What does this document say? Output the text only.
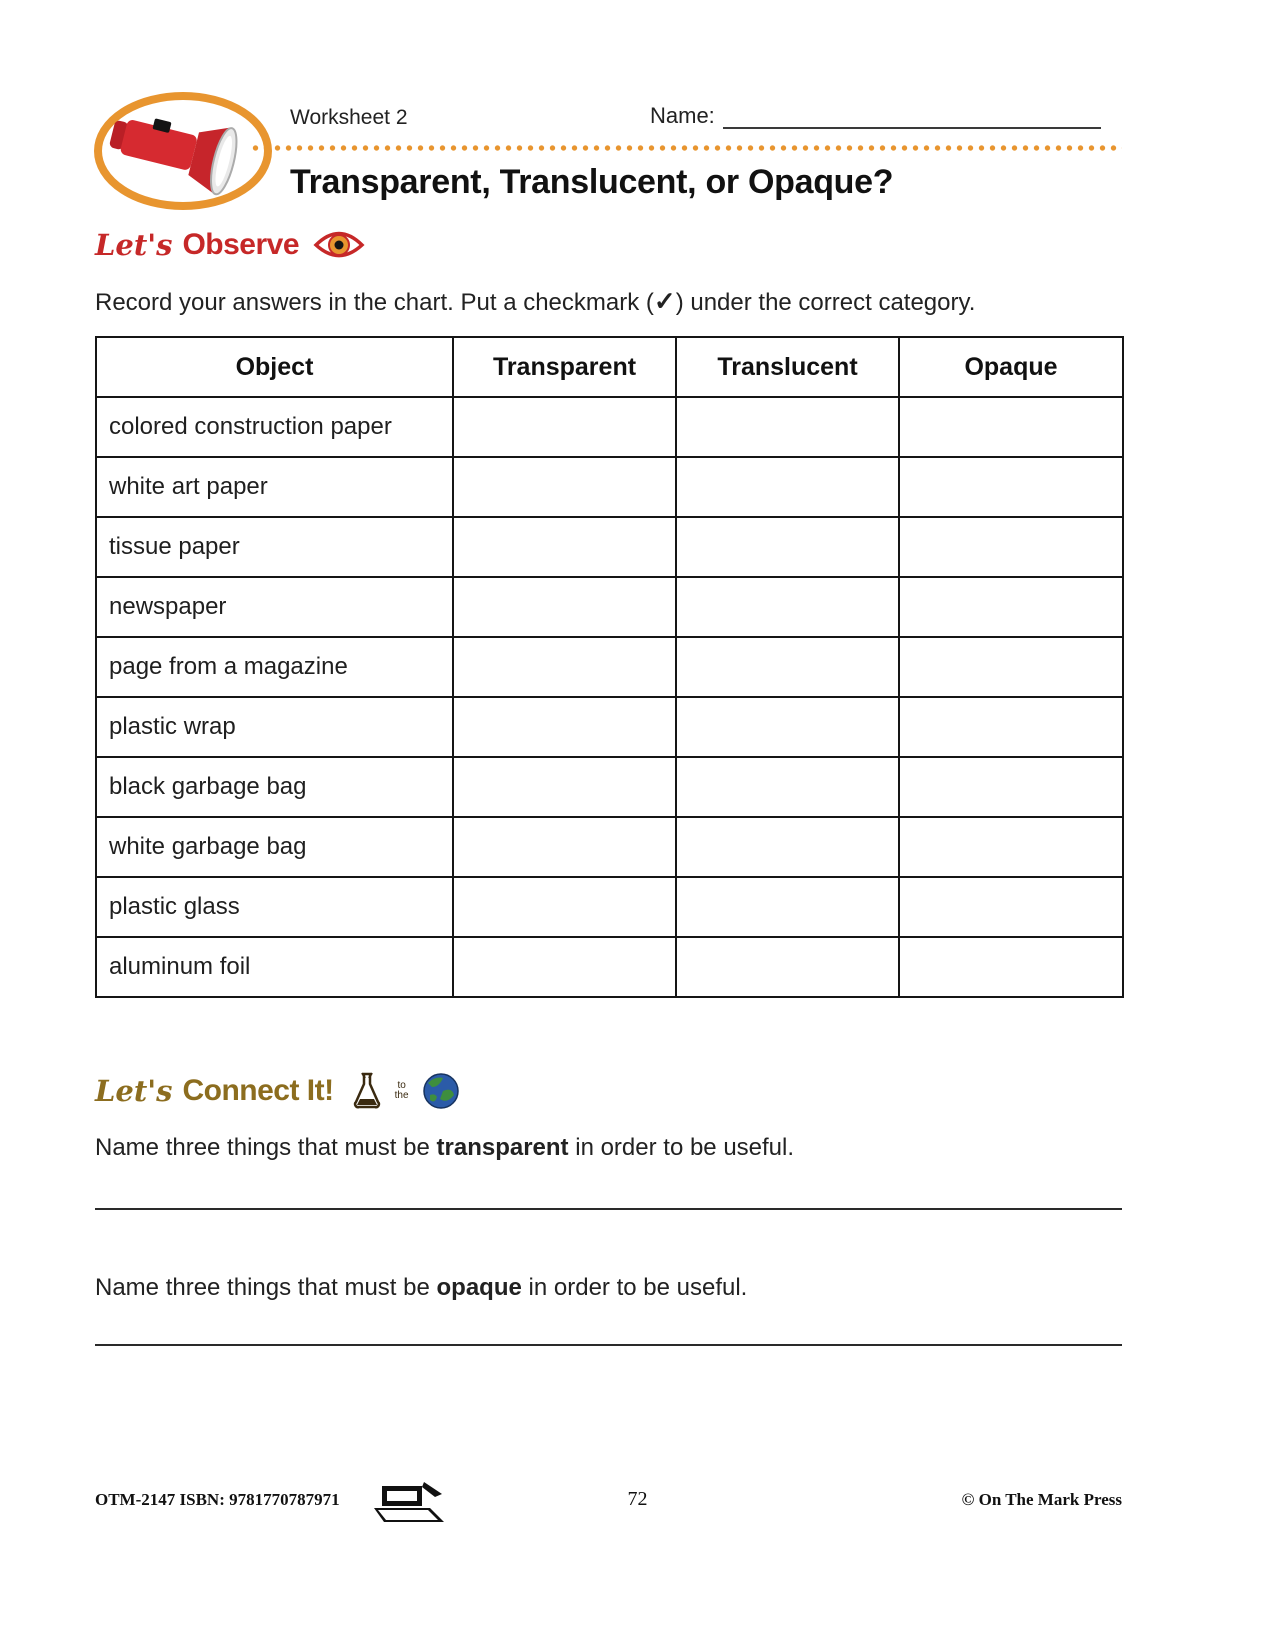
Worksheet 2	Name:
Transparent, Translucent, or Opaque?
Let's Observe

Record your answers in the chart. Put a checkmark (✓) under the correct category.

Object	Transparent	Translucent	Opaque
colored construction paper			
white art paper			
tissue paper			
newspaper			
page from a magazine			
plastic wrap			
black garbage bag			
white garbage bag			
plastic glass			
aluminum foil			
Let's Connect It!	to the

Name three things that must be transparent in order to be useful.

Name three things that must be opaque in order to be useful.

OTM-2147 ISBN: 9781770787971	72	© On The Mark Press
